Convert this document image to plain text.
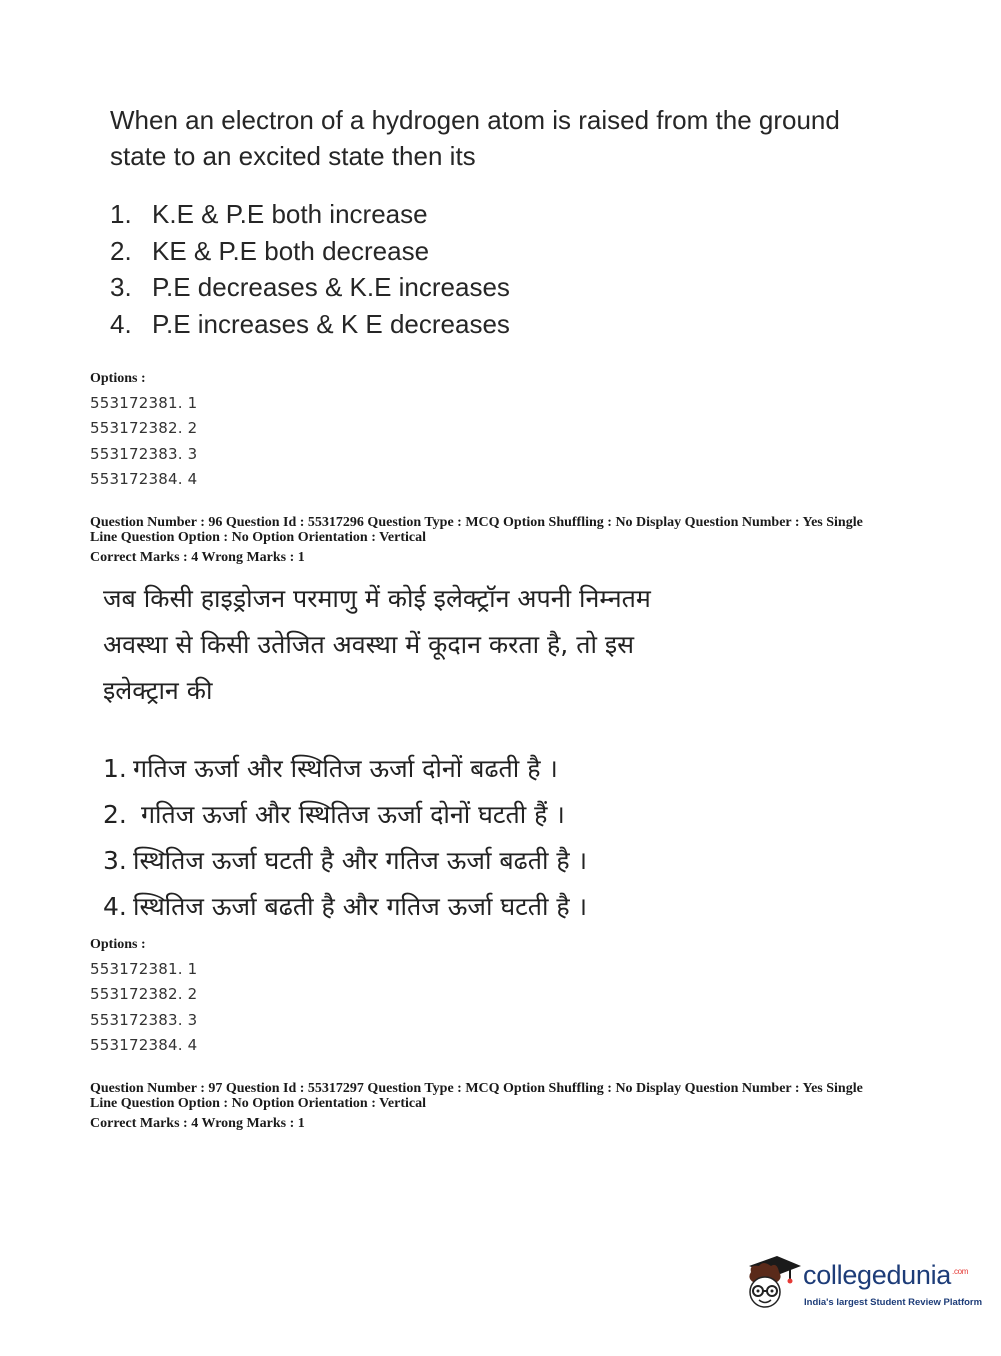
When an electron of a hydrogen atom is raised from the ground state to an excited state then its

1. K.E & P.E both increase
2. KE & P.E both decrease
3. P.E decreases & K.E increases
4. P.E increases & K E decreases
Options :
553172381. 1
553172382. 2
553172383. 3
553172384. 4
Question Number : 96 Question Id : 55317296 Question Type : MCQ Option Shuffling : No Display Question Number : Yes Single
Line Question Option : No Option Orientation : Vertical
Correct Marks : 4 Wrong Marks : 1

जब किसी हाइड्रोजन परमाणु में कोई इलेक्ट्रॉन अपनी निम्नतम
अवस्था से किसी उतेजित अवस्था में कूदान करता है, तो इस
इलेक्ट्रान की

1. गतिज ऊर्जा और स्थितिज ऊर्जा दोनों बढती है ।
2. गतिज ऊर्जा और स्थितिज ऊर्जा दोनों घटती हैं ।
3. स्थितिज ऊर्जा घटती है और गतिज ऊर्जा बढती है ।
4. स्थितिज ऊर्जा बढती है और गतिज ऊर्जा घटती है ।
Options :
553172381. 1
553172382. 2
553172383. 3
553172384. 4
Question Number : 97 Question Id : 55317297 Question Type : MCQ Option Shuffling : No Display Question Number : Yes Single
Line Question Option : No Option Orientation : Vertical
Correct Marks : 4 Wrong Marks : 1
collegedunia$^{.com}$
India's largest Student Review Platform
